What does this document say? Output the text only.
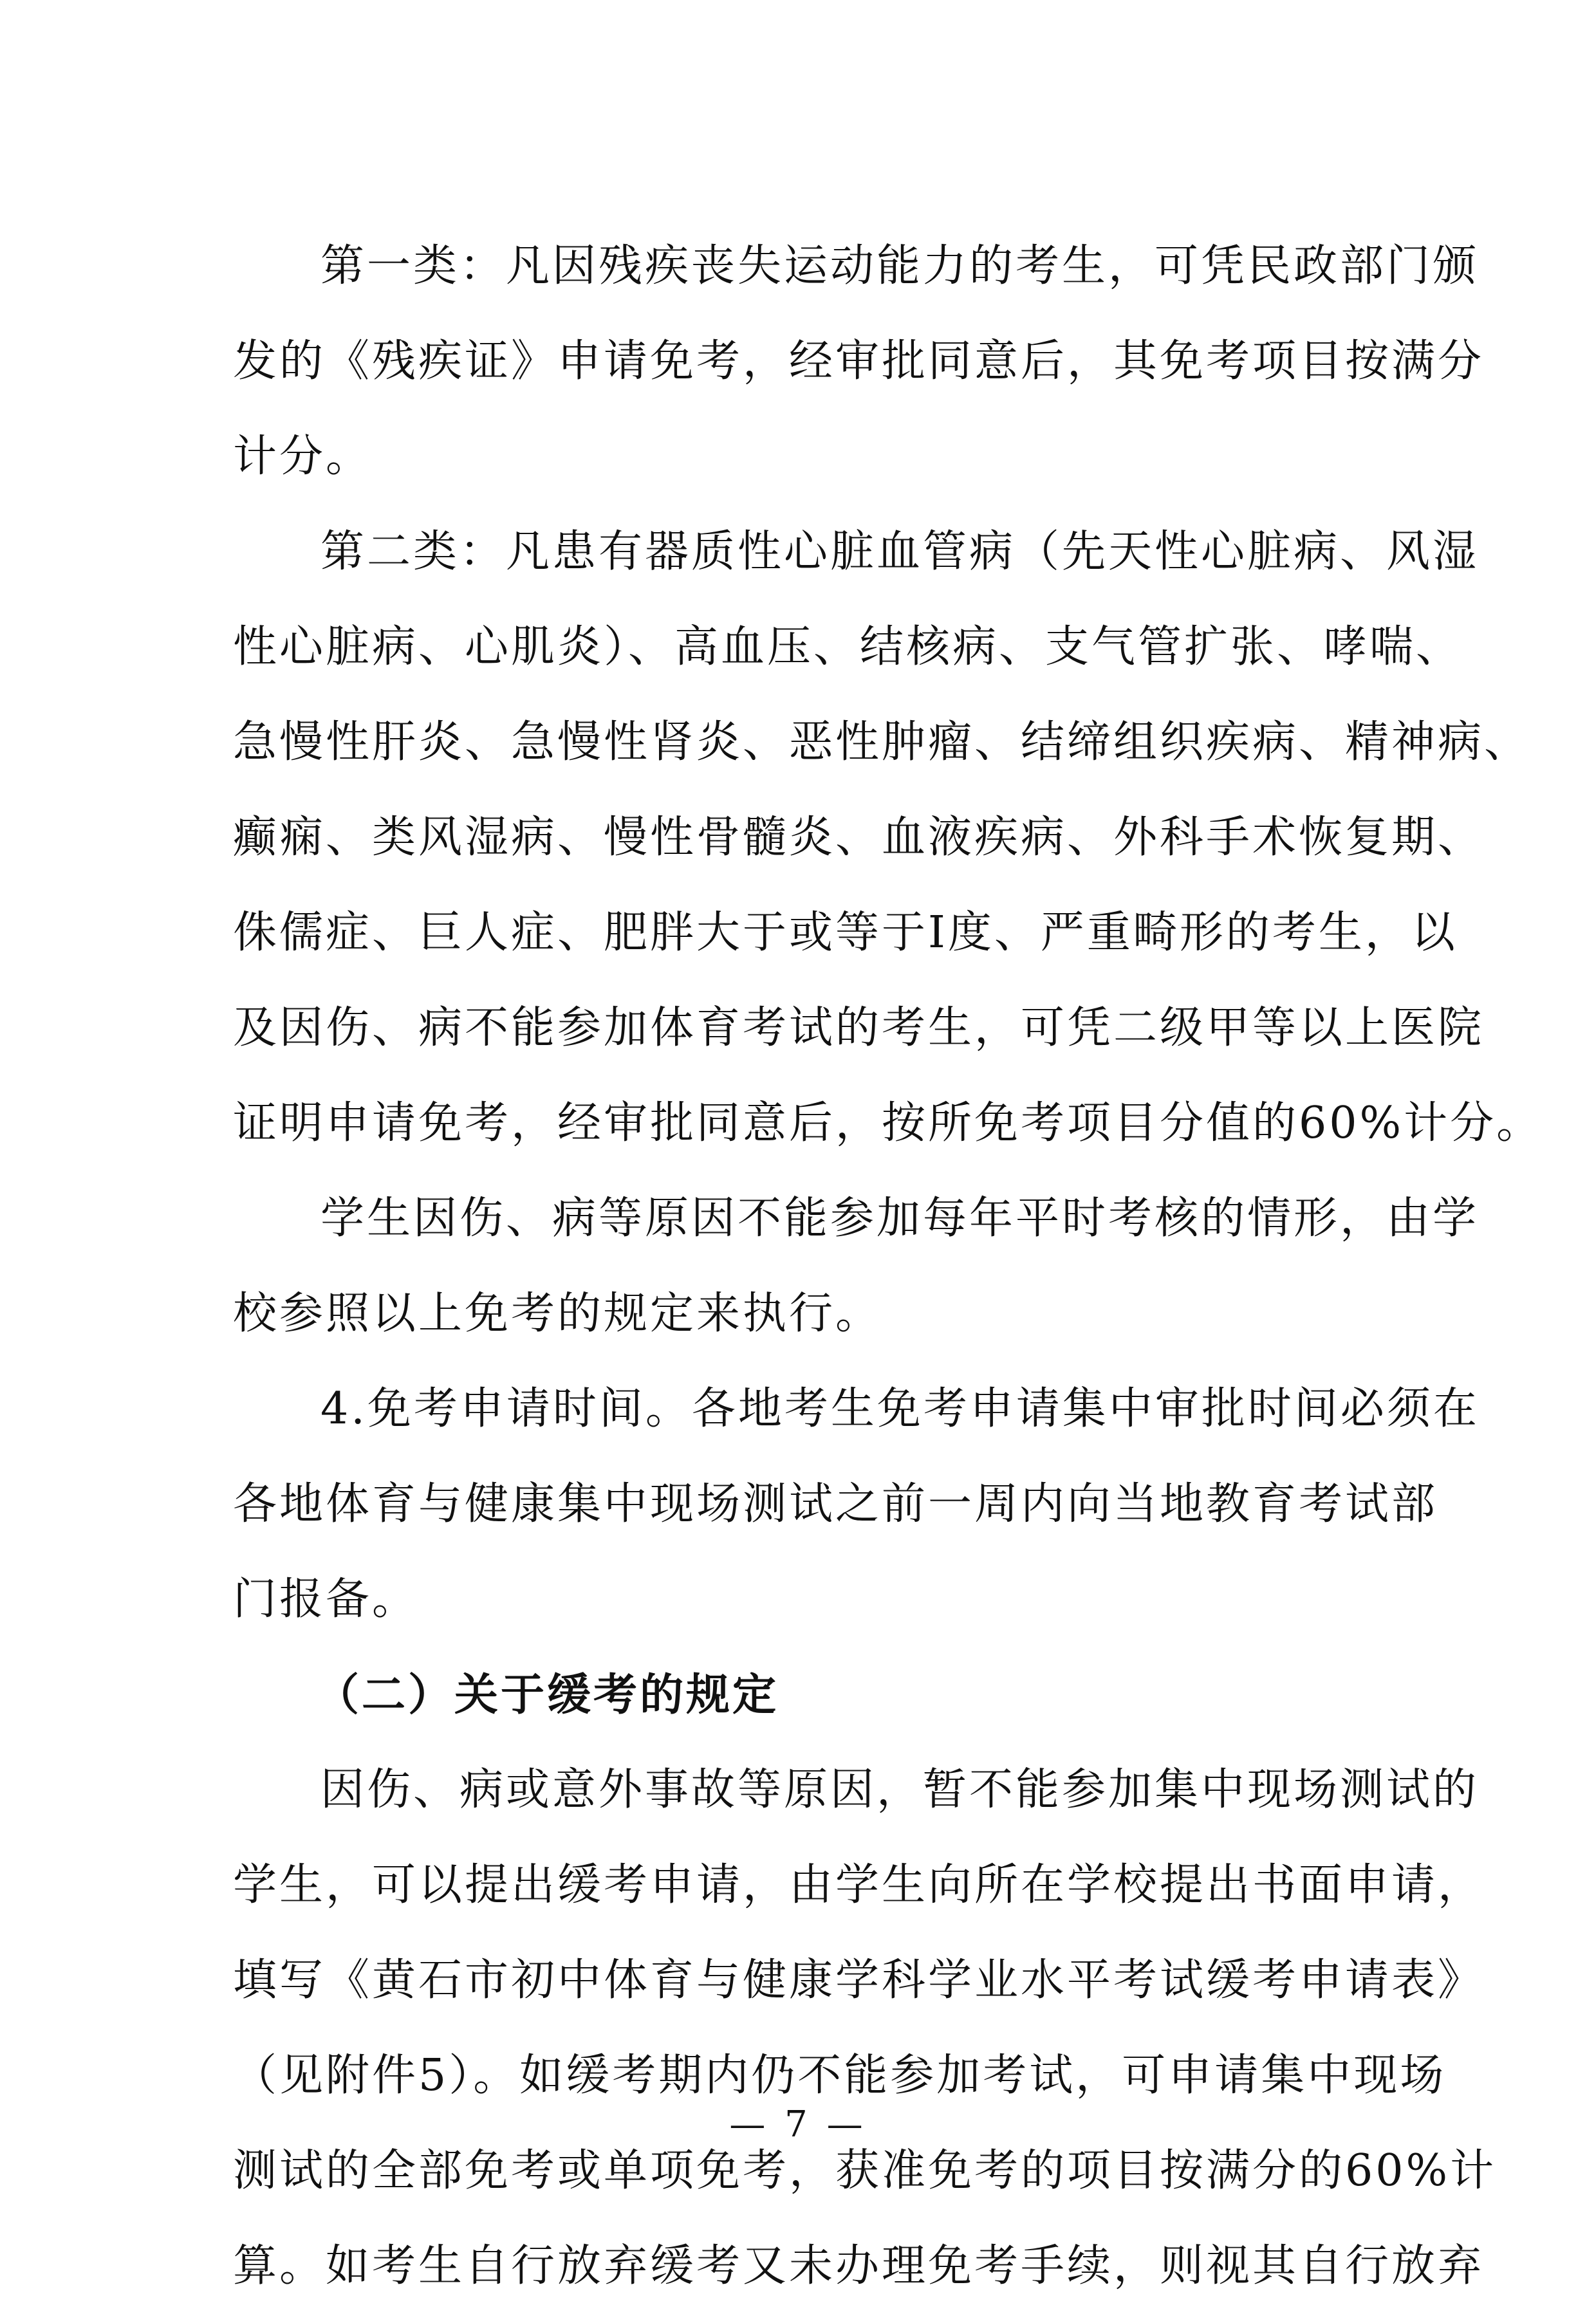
第一类：凡因残疾丧失运动能力的考生，可凭民政部门颁
发的《残疾证》申请免考，经审批同意后，其免考项目按满分
计分。
第二类：凡患有器质性心脏血管病（先天性心脏病、风湿
性心脏病、心肌炎）、高血压、结核病、支气管扩张、哮喘、
急慢性肝炎、急慢性肾炎、恶性肿瘤、结缔组织疾病、精神病、
癫痫、类风湿病、慢性骨髓炎、血液疾病、外科手术恢复期、
侏儒症、巨人症、肥胖大于或等于Ⅰ度、严重畸形的考生，以
及因伤、病不能参加体育考试的考生，可凭二级甲等以上医院
证明申请免考，经审批同意后，按所免考项目分值的60%计分。
学生因伤、病等原因不能参加每年平时考核的情形，由学
校参照以上免考的规定来执行。
4.免考申请时间。各地考生免考申请集中审批时间必须在
各地体育与健康集中现场测试之前一周内向当地教育考试部
门报备。
（二）关于缓考的规定
因伤、病或意外事故等原因，暂不能参加集中现场测试的
学生，可以提出缓考申请，由学生向所在学校提出书面申请，
填写《黄石市初中体育与健康学科学业水平考试缓考申请表》
（见附件5）。如缓考期内仍不能参加考试，可申请集中现场
测试的全部免考或单项免考，获准免考的项目按满分的60%计
算。如考生自行放弃缓考又未办理免考手续，则视其自行放弃
— 7 —
